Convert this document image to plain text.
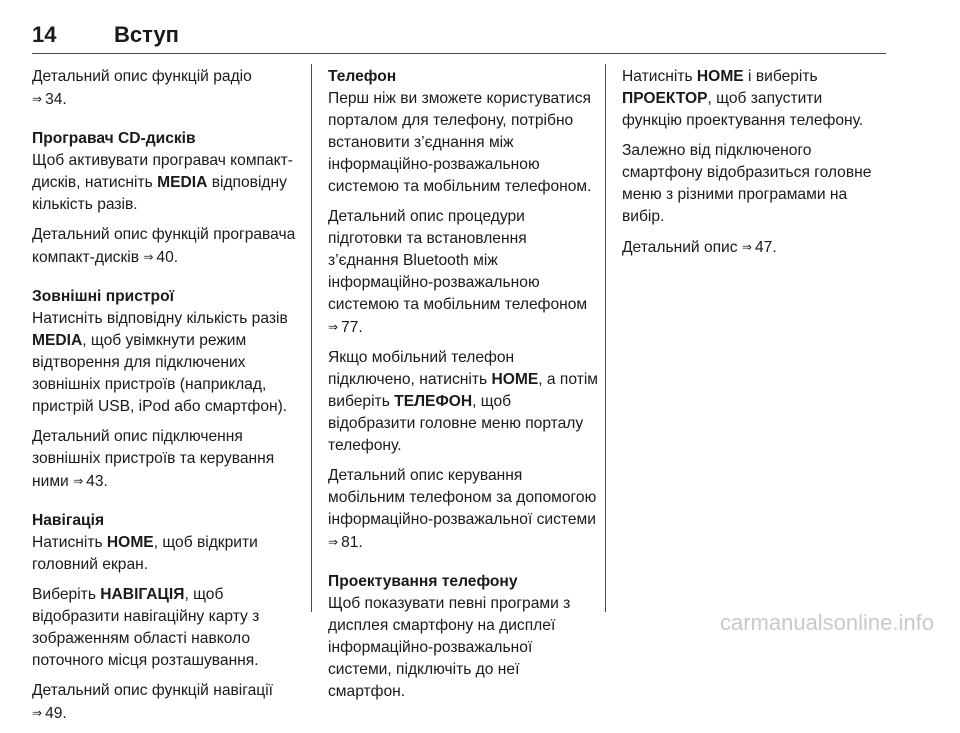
14	Вступ

Детальний опис функцій радіо
⇒ 34.

Програвач CD-дисків
Щоб активувати програвач компакт-дисків, натисніть MEDIA відповідну кількість разів.

Детальний опис функцій програвача компакт-дисків ⇒ 40.

Зовнішні пристрої
Натисніть відповідну кількість разів MEDIA, щоб увімкнути режим відтворення для підключених зовнішніх пристроїв (наприклад, пристрій USB, iPod або смартфон).

Детальний опис підключення зовнішніх пристроїв та керування ними ⇒ 43.

Навігація
Натисніть HOME, щоб відкрити головний екран.

Виберіть НАВІГАЦІЯ, щоб відобразити навігаційну карту з зображенням області навколо поточного місця розташування.

Детальний опис функцій навігації
⇒ 49.

Телефон
Перш ніж ви зможете користуватися порталом для телефону, потрібно встановити з’єднання між інформаційно-розважальною системою та мобільним телефоном.

Детальний опис процедури підготовки та встановлення з’єднання Bluetooth між інформаційно-розважальною системою та мобільним телефоном ⇒ 77.

Якщо мобільний телефон підключено, натисніть HOME, а потім виберіть ТЕЛЕФОН, щоб відобразити головне меню порталу телефону.

Детальний опис керування мобільним телефоном за допомогою інформаційно-розважальної системи ⇒ 81.

Проектування телефону
Щоб показувати певні програми з дисплея смартфону на дисплеї інформаційно-розважальної системи, підключіть до неї смартфон.

Натисніть HOME і виберіть ПРОЕКТОР, щоб запустити функцію проектування телефону.

Залежно від підключеного смартфону відобразиться головне меню з різними програмами на вибір.

Детальний опис ⇒ 47.

carmanualsonline.info
